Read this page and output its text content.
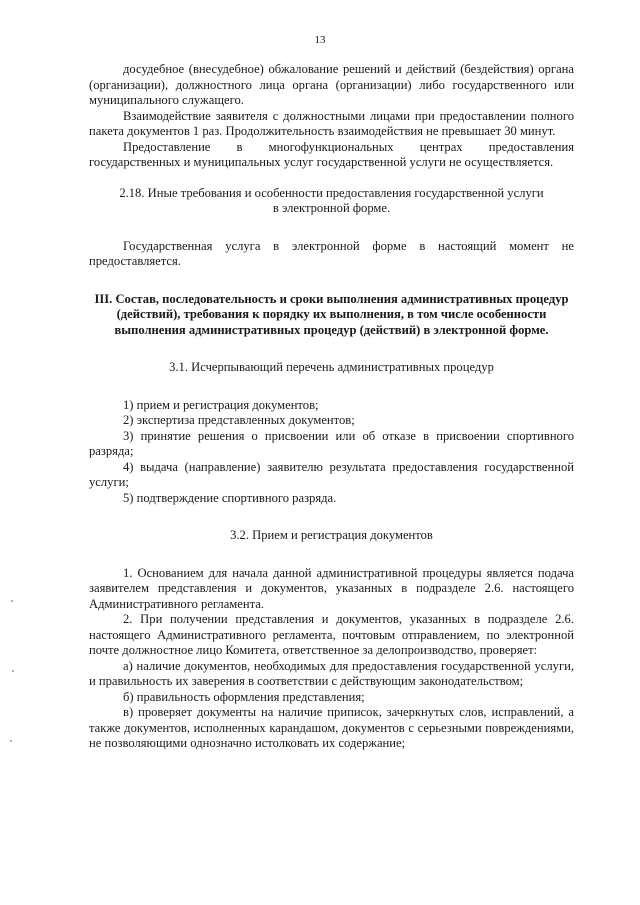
13

досудебное (внесудебное) обжалование решений и действий (бездействия) органа (организации), должностного лица органа (организации) либо государственного или муниципального служащего.

Взаимодействие заявителя с должностными лицами при предоставлении полного пакета документов 1 раз. Продолжительность взаимодействия не превышает 30 минут.

Предоставление в многофункциональных центрах предоставления государственных и муниципальных услуг государственной услуги не осуществляется.

2.18. Иные требования и особенности предоставления государственной услуги в электронной форме.

Государственная услуга в электронной форме в настоящий момент не предоставляется.

III. Состав, последовательность и сроки выполнения административных процедур (действий), требования к порядку их выполнения, в том числе особенности выполнения административных процедур (действий) в электронной форме.

3.1. Исчерпывающий перечень административных процедур

1) прием и регистрация документов;

2) экспертиза представленных документов;

3) принятие решения о присвоении или об отказе в присвоении спортивного разряда;

4) выдача (направление) заявителю результата предоставления государственной услуги;

5) подтверждение спортивного разряда.

3.2. Прием и регистрация документов

1. Основанием для начала данной административной процедуры является подача заявителем представления и документов, указанных в подразделе 2.6. настоящего Административного регламента.

2. При получении представления и документов, указанных в подразделе 2.6. настоящего Административного регламента, почтовым отправлением, по электронной почте должностное лицо Комитета, ответственное за делопроизводство, проверяет:

а) наличие документов, необходимых для предоставления государственной услуги, и правильность их заверения в соответствии с действующим законодательством;

б) правильность оформления представления;

в) проверяет документы на наличие приписок, зачеркнутых слов, исправлений, а также документов, исполненных карандашом, документов с серьезными повреждениями, не позволяющими однозначно истолковать их содержание;
